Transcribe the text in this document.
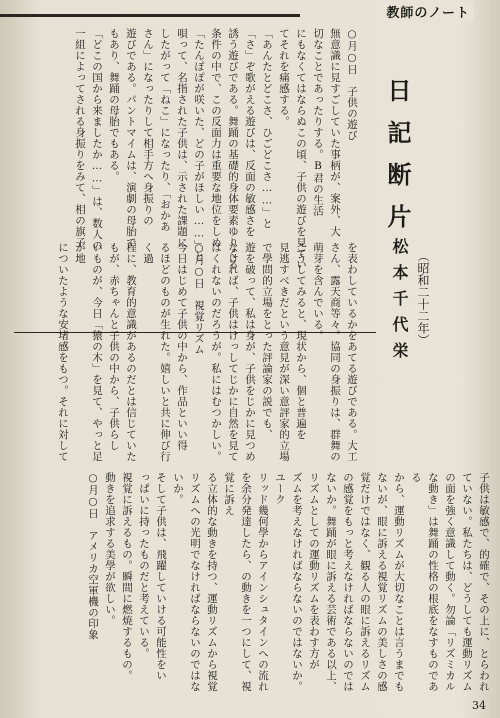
教師のノート
日記断片
（昭和二十二年）
松本千代栄
○月○日　子供の遊び
無意識に見すごしていた事柄が、案外、大
切なことであったりする。B君の生活
にもなくてはならぬこの頃、子供の遊びを見てい
てそれを痛感する。
「あんたとどこさ、ひごどこさ……」と
「さ」ぞ歌がえる遊びは、反面の敏感さを
誘う遊びである。舞踊の基礎的身体要素ゆりくる
条件の中で、この反面力は重要な地位をしめ
「たんぽぽが咲いた、どの子がほしい……」と
唄って、名指された子供は、示された課題に
したがって「ねこ」になったり、「おかあ
さん」になったりして相手方へ身振りの
遊びである。パントマイムは、演劇の母胎で
もあり、舞踊の母胎でもある。
「どこの国から来ましたか……」は、数人の
一組によってされる身振りをみて、相の旗子
を表わしているかをあてる遊びである。大工
さん、露天商等々。協同の身振りは、群舞の
萌芽を含んでいる。
こうしてみると、現状から、個と普遍を
見逃すべきだという意見が深い意評家的立場
で學問的立場をとった評論家の説でも、
遊を破って、私は身が、子供をじかに見つめ
なければ、子供はけっしてじかに自然を見て
はくれないのだろうが。私にはむつかしい。
○月○日　視覚リズム
今日はじめて子供の中から、作品といい得
るほどのものが生れた。嬉しいと共に伸び行く過
程に、教育的意識があるのだとは信じていた
もが、赤ちゃんと子供の中から、子供らし
いものが、今日「猿の木」を見て、やっと足が地
についたような安堵感をもつ。それに対して
子供は敏感で、的確で、その上に、とらわれ
ていない。私たちは、どうしても運動リズム
の面を強く意識して動く。勿論「リズミカル
な動き」は舞踊の性格の根底をなすものである
から、運動リズムが大切なことは言うまでも
ないが、眼に訴える視覚リズムの美しさの感
覚だけではなく、観る人の眼に訴えるリズム
の感覚をもっと考えなければならないのでは
ないか。舞踊が眼に訴える芸術である以上、
リズムとしての運動リズムを表わす方が
ズムを考えなければならないのではないか。ユーク
リッド幾何學からアインシュタインへの流れ
を余分発達したら、の動きを一つにして、視覚に訴え
る立体的な動きを持つ、運動リズムから視覚
リズムへの光明でなければならないのではな
いか。
そして子供は、飛躍していける可能性をい
っぱいに持ったものだと考えている。
視覚に訴えるもの。瞬間に燃焼するもの。
動きを追求する美學が欲しい。
○月○日　アメリカ空軍機の印象
34
